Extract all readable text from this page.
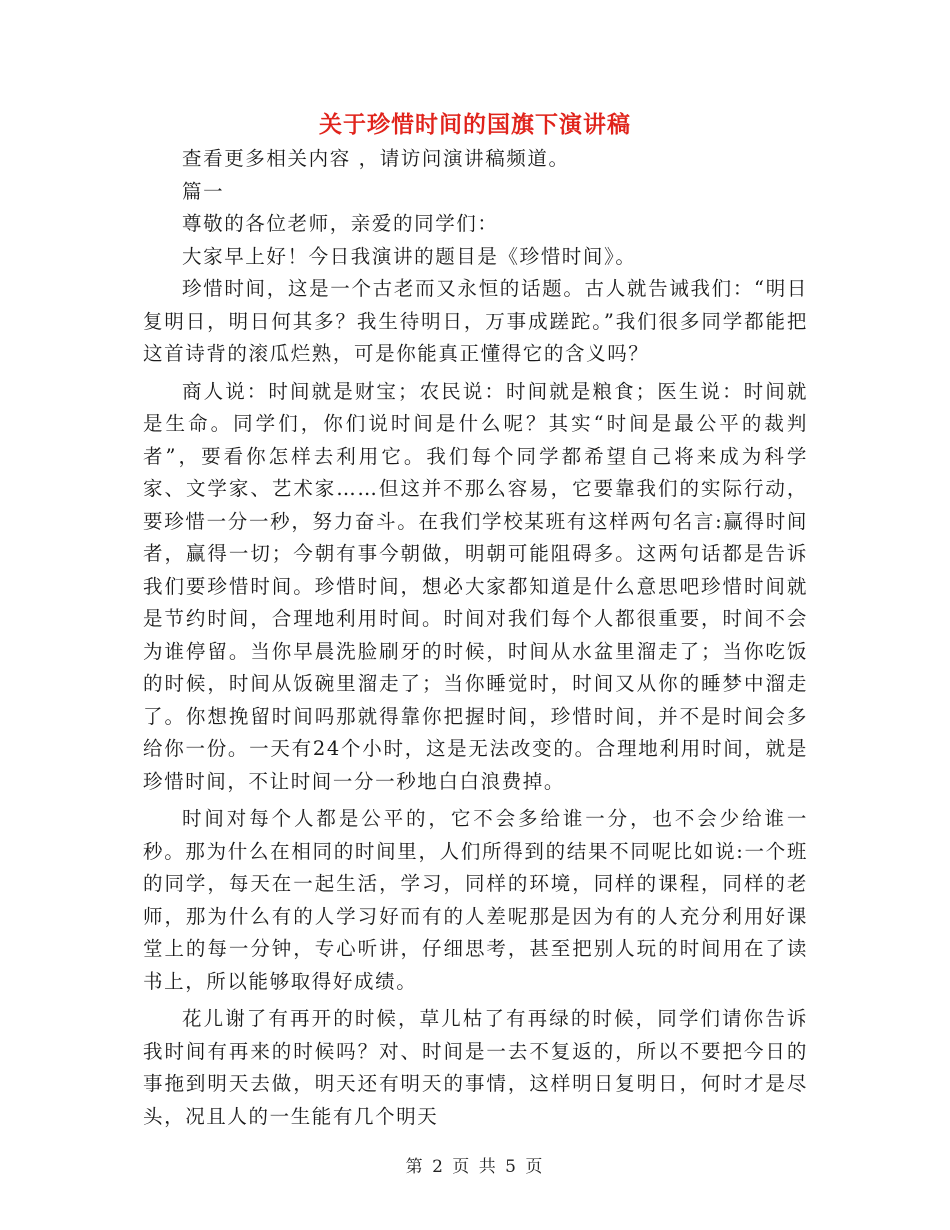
关于珍惜时间的国旗下演讲稿

查看更多相关内容 ，请访问演讲稿频道。

篇一

尊敬的各位老师，亲爱的同学们：

大家早上好！今日我演讲的题目是《珍惜时间》。

珍惜时间，这是一个古老而又永恒的话题。古人就告诫我们：“明日复明日，明日何其多？我生待明日，万事成蹉跎。”我们很多同学都能把这首诗背的滚瓜烂熟，可是你能真正懂得它的含义吗？

商人说：时间就是财宝；农民说：时间就是粮食；医生说：时间就是生命。同学们，你们说时间是什么呢？其实“时间是最公平的裁判者”，要看你怎样去利用它。我们每个同学都希望自己将来成为科学家、文学家、艺术家……但这并不那么容易，它要靠我们的实际行动，要珍惜一分一秒，努力奋斗。在我们学校某班有这样两句名言:赢得时间者，赢得一切；今朝有事今朝做，明朝可能阻碍多。这两句话都是告诉我们要珍惜时间。珍惜时间，想必大家都知道是什么意思吧珍惜时间就是节约时间，合理地利用时间。时间对我们每个人都很重要，时间不会为谁停留。当你早晨洗脸刷牙的时候，时间从水盆里溜走了；当你吃饭的时候，时间从饭碗里溜走了；当你睡觉时，时间又从你的睡梦中溜走了。你想挽留时间吗那就得靠你把握时间，珍惜时间，并不是时间会多给你一份。一天有24个小时，这是无法改变的。合理地利用时间，就是珍惜时间，不让时间一分一秒地白白浪费掉。

时间对每个人都是公平的，它不会多给谁一分，也不会少给谁一秒。那为什么在相同的时间里，人们所得到的结果不同呢比如说:一个班的同学，每天在一起生活，学习，同样的环境，同样的课程，同样的老师，那为什么有的人学习好而有的人差呢那是因为有的人充分利用好课堂上的每一分钟，专心听讲，仔细思考，甚至把别人玩的时间用在了读书上，所以能够取得好成绩。

花儿谢了有再开的时候，草儿枯了有再绿的时候，同学们请你告诉我时间有再来的时候吗？对、时间是一去不复返的，所以不要把今日的事拖到明天去做，明天还有明天的事情，这样明日复明日，何时才是尽头，况且人的一生能有几个明天

第 2 页 共 5 页
